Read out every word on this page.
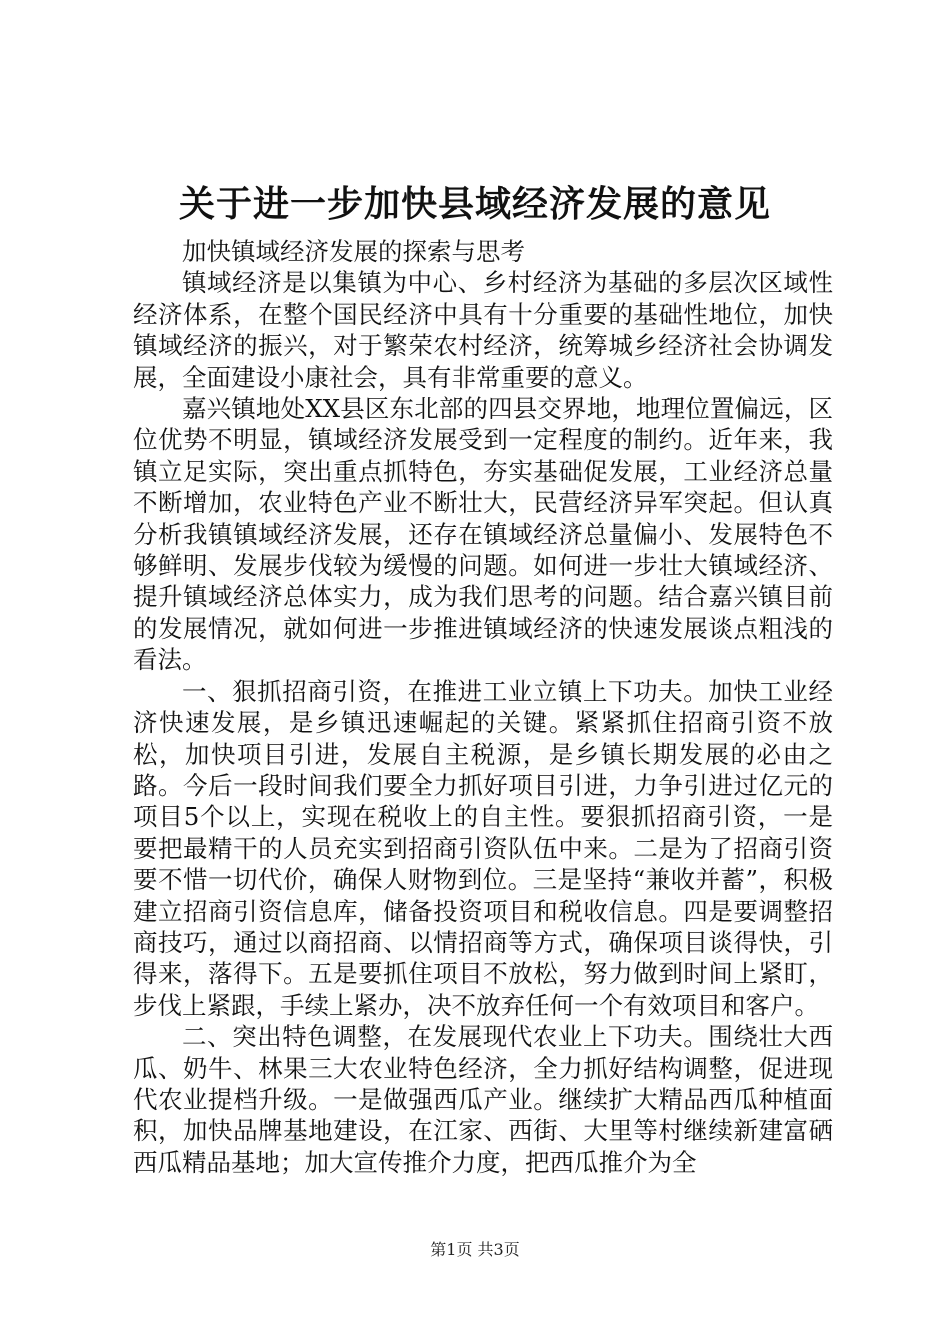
关于进一步加快县域经济发展的意见

加快镇域经济发展的探索与思考

镇域经济是以集镇为中心、乡村经济为基础的多层次区域性经济体系，在整个国民经济中具有十分重要的基础性地位，加快镇域经济的振兴，对于繁荣农村经济，统筹城乡经济社会协调发展，全面建设小康社会，具有非常重要的意义。

嘉兴镇地处XX县区东北部的四县交界地，地理位置偏远，区位优势不明显，镇域经济发展受到一定程度的制约。近年来，我镇立足实际，突出重点抓特色，夯实基础促发展，工业经济总量不断增加，农业特色产业不断壮大，民营经济异军突起。但认真分析我镇镇域经济发展，还存在镇域经济总量偏小、发展特色不够鲜明、发展步伐较为缓慢的问题。如何进一步壮大镇域经济、提升镇域经济总体实力，成为我们思考的问题。结合嘉兴镇目前的发展情况，就如何进一步推进镇域经济的快速发展谈点粗浅的看法。

一、狠抓招商引资，在推进工业立镇上下功夫。加快工业经济快速发展，是乡镇迅速崛起的关键。紧紧抓住招商引资不放松，加快项目引进，发展自主税源，是乡镇长期发展的必由之路。今后一段时间我们要全力抓好项目引进，力争引进过亿元的项目5个以上，实现在税收上的自主性。要狠抓招商引资，一是要把最精干的人员充实到招商引资队伍中来。二是为了招商引资要不惜一切代价，确保人财物到位。三是坚持“兼收并蓄”，积极建立招商引资信息库，储备投资项目和税收信息。四是要调整招商技巧，通过以商招商、以情招商等方式，确保项目谈得快，引得来，落得下。五是要抓住项目不放松，努力做到时间上紧盯，步伐上紧跟，手续上紧办，决不放弃任何一个有效项目和客户。

二、突出特色调整，在发展现代农业上下功夫。围绕壮大西瓜、奶牛、林果三大农业特色经济，全力抓好结构调整，促进现代农业提档升级。一是做强西瓜产业。继续扩大精品西瓜种植面积，加快品牌基地建设，在江家、西街、大里等村继续新建富硒西瓜精品基地；加大宣传推介力度，把西瓜推介为全

第1页 共3页
